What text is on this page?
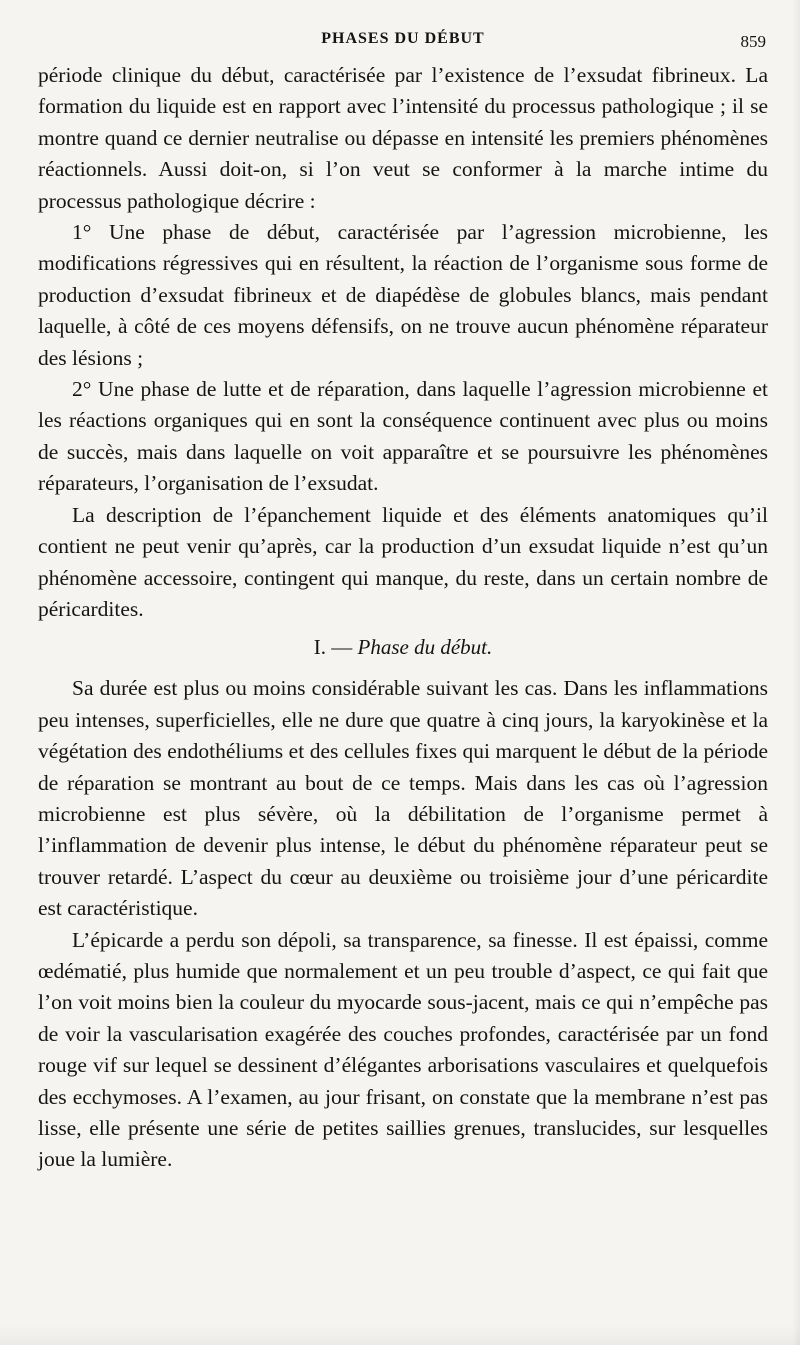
PHASES DU DÉBUT	859

période clinique du début, caractérisée par l’existence de l’exsudat fibrineux. La formation du liquide est en rapport avec l’intensité du processus pathologique ; il se montre quand ce dernier neutralise ou dépasse en intensité les premiers phénomènes réactionnels. Aussi doit-on, si l’on veut se conformer à la marche intime du processus pathologique décrire :

1° Une phase de début, caractérisée par l’agression microbienne, les modifications régressives qui en résultent, la réaction de l’organisme sous forme de production d’exsudat fibrineux et de diapédèse de globules blancs, mais pendant laquelle, à côté de ces moyens défensifs, on ne trouve aucun phénomène réparateur des lésions ;

2° Une phase de lutte et de réparation, dans laquelle l’agression microbienne et les réactions organiques qui en sont la conséquence continuent avec plus ou moins de succès, mais dans laquelle on voit apparaître et se poursuivre les phénomènes réparateurs, l’organisation de l’exsudat.

La description de l’épanchement liquide et des éléments anatomiques qu’il contient ne peut venir qu’après, car la production d’un exsudat liquide n’est qu’un phénomène accessoire, contingent qui manque, du reste, dans un certain nombre de péricardites.

I. — Phase du début.

Sa durée est plus ou moins considérable suivant les cas. Dans les inflammations peu intenses, superficielles, elle ne dure que quatre à cinq jours, la karyokinèse et la végétation des endothéliums et des cellules fixes qui marquent le début de la période de réparation se montrant au bout de ce temps. Mais dans les cas où l’agression microbienne est plus sévère, où la débilitation de l’organisme permet à l’inflammation de devenir plus intense, le début du phénomène réparateur peut se trouver retardé. L’aspect du cœur au deuxième ou troisième jour d’une péricardite est caractéristique.

L’épicarde a perdu son dépoli, sa transparence, sa finesse. Il est épaissi, comme œdématié, plus humide que normalement et un peu trouble d’aspect, ce qui fait que l’on voit moins bien la couleur du myocarde sous-jacent, mais ce qui n’empêche pas de voir la vascularisation exagérée des couches profondes, caractérisée par un fond rouge vif sur lequel se dessinent d’élégantes arborisations vasculaires et quelquefois des ecchymoses. A l’examen, au jour frisant, on constate que la membrane n’est pas lisse, elle présente une série de petites saillies grenues, translucides, sur lesquelles joue la lumière.
